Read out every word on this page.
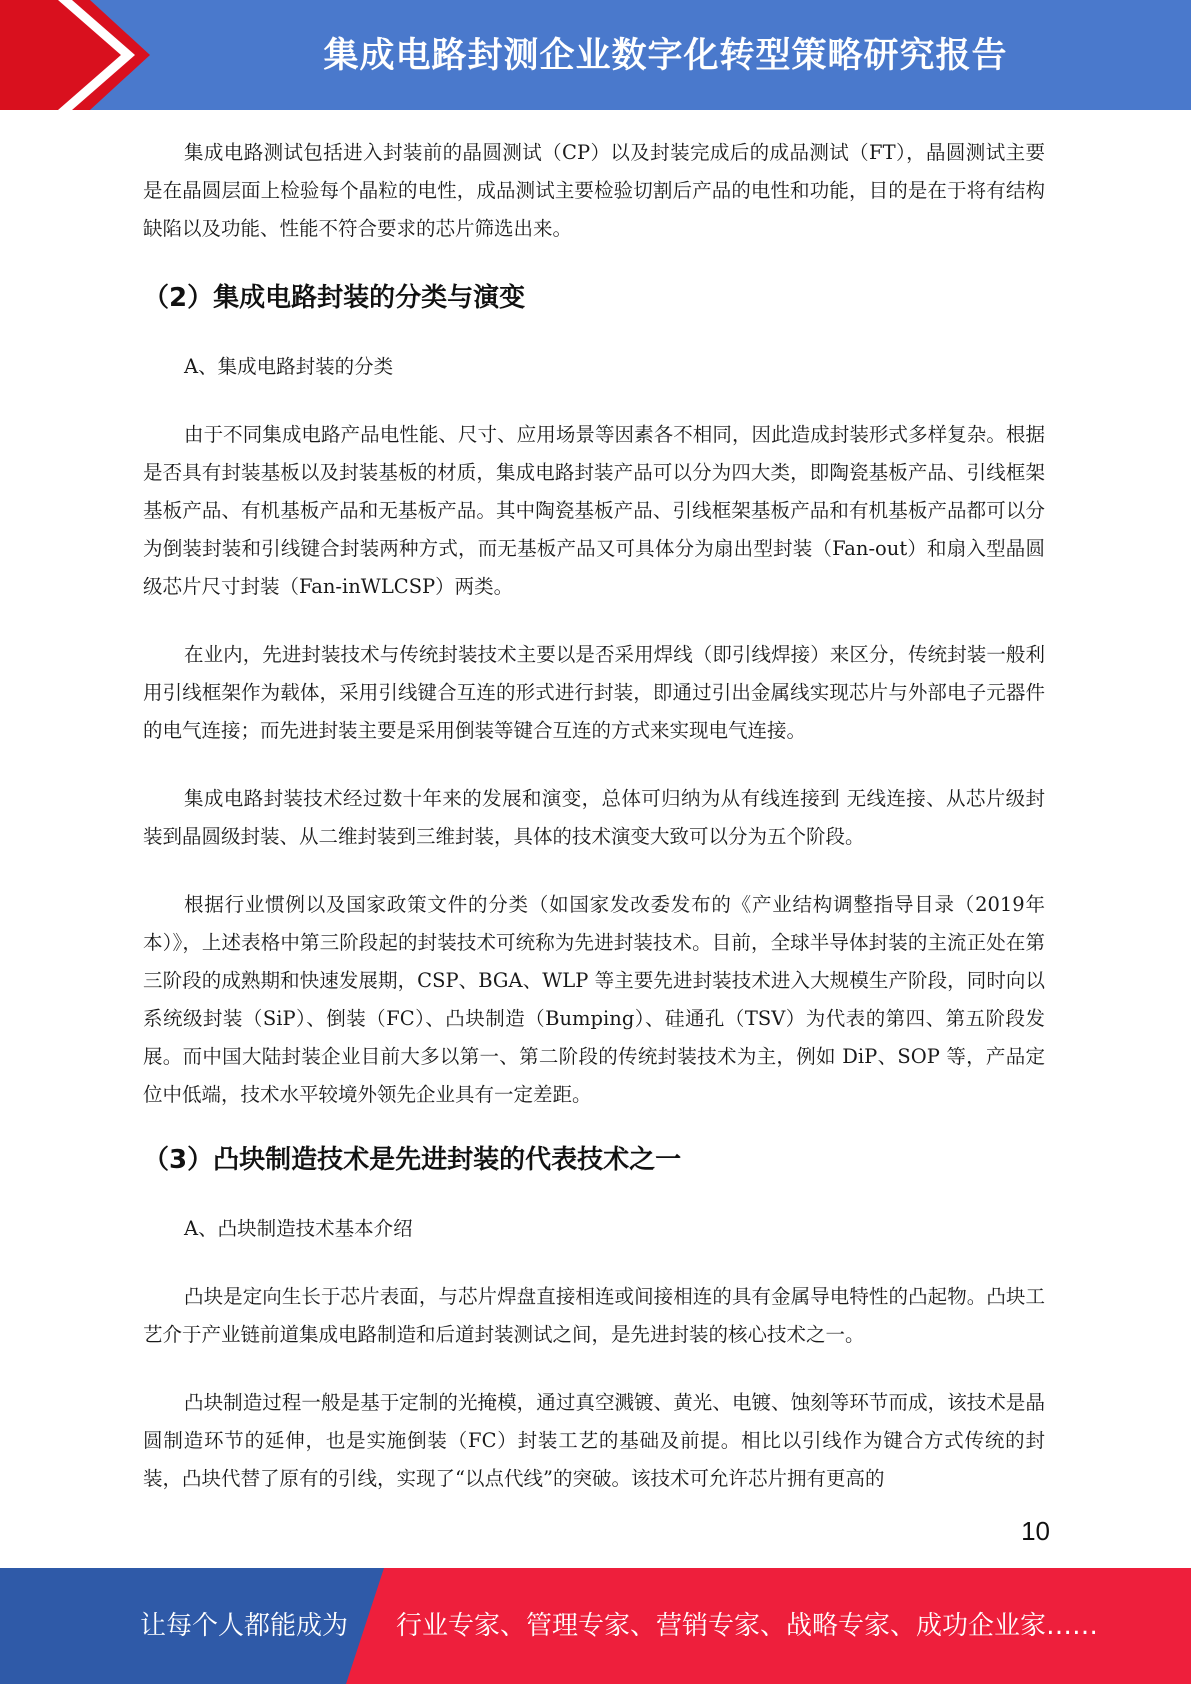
集成电路封测企业数字化转型策略研究报告

集成电路测试包括进入封装前的晶圆测试（CP）以及封装完成后的成品测试（FT），晶圆测试主要是在晶圆层面上检验每个晶粒的电性，成品测试主要检验切割后产品的电性和功能，目的是在于将有结构缺陷以及功能、性能不符合要求的芯片筛选出来。

（2）集成电路封装的分类与演变

A、集成电路封装的分类

由于不同集成电路产品电性能、尺寸、应用场景等因素各不相同，因此造成封装形式多样复杂。根据是否具有封装基板以及封装基板的材质，集成电路封装产品可以分为四大类，即陶瓷基板产品、引线框架基板产品、有机基板产品和无基板产品。其中陶瓷基板产品、引线框架基板产品和有机基板产品都可以分为倒装封装和引线键合封装两种方式，而无基板产品又可具体分为扇出型封装（Fan-out）和扇入型晶圆级芯片尺寸封装（Fan-inWLCSP）两类。

在业内，先进封装技术与传统封装技术主要以是否采用焊线（即引线焊接）来区分，传统封装一般利用引线框架作为载体，采用引线键合互连的形式进行封装，即通过引出金属线实现芯片与外部电子元器件的电气连接；而先进封装主要是采用倒装等键合互连的方式来实现电气连接。

集成电路封装技术经过数十年来的发展和演变，总体可归纳为从有线连接到 无线连接、从芯片级封装到晶圆级封装、从二维封装到三维封装，具体的技术演变大致可以分为五个阶段。

根据行业惯例以及国家政策文件的分类（如国家发改委发布的《产业结构调整指导目录（2019年本）》，上述表格中第三阶段起的封装技术可统称为先进封装技术。目前，全球半导体封装的主流正处在第三阶段的成熟期和快速发展期，CSP、BGA、WLP 等主要先进封装技术进入大规模生产阶段，同时向以系统级封装（SiP）、倒装（FC）、凸块制造（Bumping）、硅通孔（TSV）为代表的第四、第五阶段发展。而中国大陆封装企业目前大多以第一、第二阶段的传统封装技术为主，例如 DiP、SOP 等，产品定位中低端，技术水平较境外领先企业具有一定差距。

（3）凸块制造技术是先进封装的代表技术之一

A、凸块制造技术基本介绍

凸块是定向生长于芯片表面，与芯片焊盘直接相连或间接相连的具有金属导电特性的凸起物。凸块工艺介于产业链前道集成电路制造和后道封装测试之间，是先进封装的核心技术之一。

凸块制造过程一般是基于定制的光掩模，通过真空溅镀、黄光、电镀、蚀刻等环节而成，该技术是晶圆制造环节的延伸，也是实施倒装（FC）封装工艺的基础及前提。相比以引线作为键合方式传统的封装，凸块代替了原有的引线，实现了“以点代线”的突破。该技术可允许芯片拥有更高的

10
让每个人都能成为 行业专家、管理专家、营销专家、战略专家、成功企业家……
